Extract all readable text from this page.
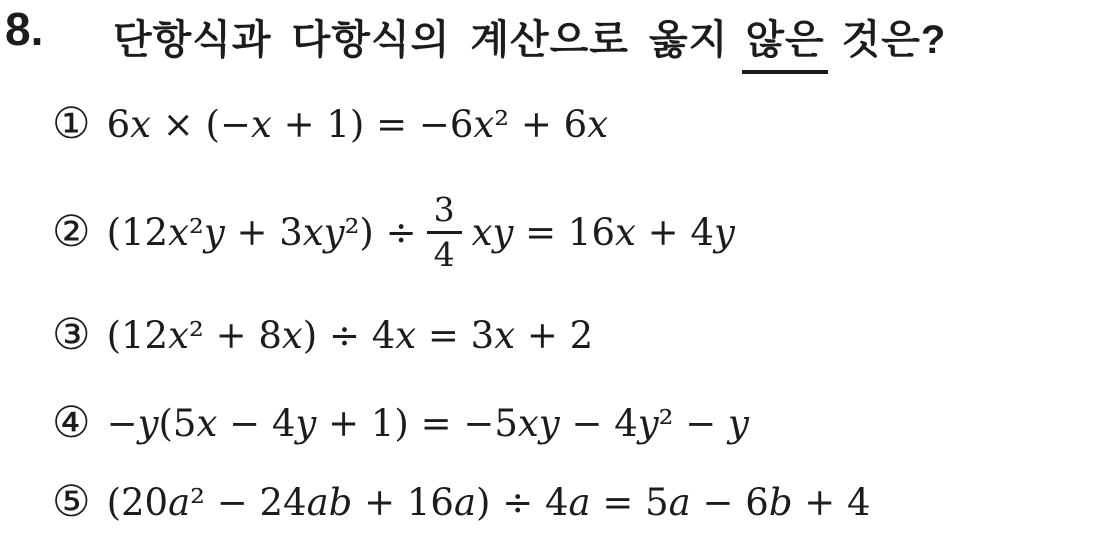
8. 단항식과 다항식의 계산으로 옳지 않은 것은?
① 6x × (−x + 1) = −6x² + 6x
② $(12x^2y + 3xy^2) \div \frac{3}{4}$ xy = 16x + 4y
③ (12x² + 8x) ÷ 4x = 3x + 2
④ −y(5x − 4y + 1) = −5xy − 4y² − y
⑤ (20a² − 24ab + 16a) ÷ 4a = 5a − 6b + 4
